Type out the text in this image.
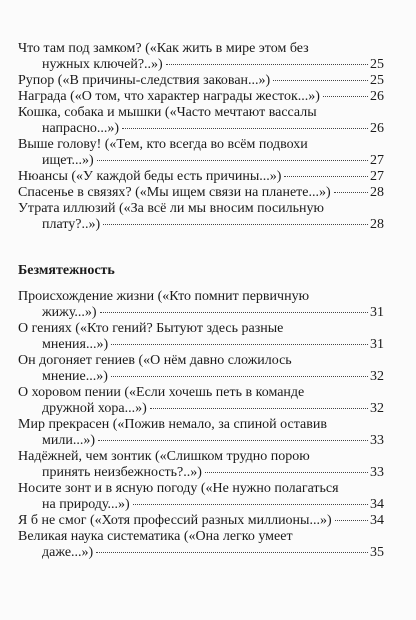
Что там под замком? («Как жить в мире этом без
нужных ключей?..»)	25
Рупор («В причины-следствия закован...»)	25
Награда («О том, что характер награды жесток...»)	26
Кошка, собака и мышки («Часто мечтают вассалы
напрасно...»)	26
Выше голову! («Тем, кто всегда во всём подвохи
ищет...»)	27
Нюансы («У каждой беды есть причины...»)	27
Спасенье в связях? («Мы ищем связи на планете...»)	28
Утрата иллюзий («За всё ли мы вносим посильную
плату?..»)	28
Безмятежность
Происхождение жизни («Кто помнит первичную
жижу...»)	31
О гениях («Кто гений? Бытуют здесь разные
мнения...»)	31
Он догоняет гениев («О нём давно сложилось
мнение...»)	32
О хоровом пении («Если хочешь петь в команде
дружной хора...»)	32
Мир прекрасен («Пожив немало, за спиной оставив
мили...»)	33
Надёжней, чем зонтик («Слишком трудно порою
принять неизбежность?..»)	33
Носите зонт и в ясную погоду («Не нужно полагаться
на природу...»)	34
Я б не смог («Хотя профессий разных миллионы...»)	34
Великая наука систематика («Она легко умеет
даже...»)	35
